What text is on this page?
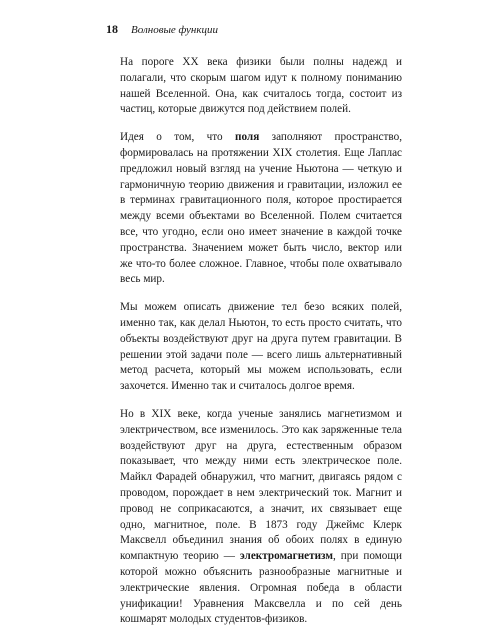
18 Волновые функции

На пороге XX века физики были полны надежд и полагали, что скорым шагом идут к полному пониманию нашей Вселенной. Она, как считалось тогда, состоит из частиц, которые движутся под действием полей.

Идея о том, что поля заполняют пространство, формировалась на протяжении XIX столетия. Еще Лаплас предложил новый взгляд на учение Ньютона — четкую и гармоничную теорию движения и гравитации, изложил ее в терминах гравитационного поля, которое простирается между всеми объектами во Вселенной. Полем считается все, что угодно, если оно имеет значение в каждой точке пространства. Значением может быть число, вектор или же что-то более сложное. Главное, чтобы поле охватывало весь мир.

Мы можем описать движение тел безо всяких полей, именно так, как делал Ньютон, то есть просто считать, что объекты воздействуют друг на друга путем гравитации. В решении этой задачи поле — всего лишь альтернативный метод расчета, который мы можем использовать, если захочется. Именно так и считалось долгое время.

Но в XIX веке, когда ученые занялись магнетизмом и электричеством, все изменилось. Это как заряженные тела воздействуют друг на друга, естественным образом показывает, что между ними есть электрическое поле. Майкл Фарадей обнаружил, что магнит, двигаясь рядом с проводом, порождает в нем электрический ток. Магнит и провод не соприкасаются, а значит, их связывает еще одно, магнитное, поле. В 1873 году Джеймс Клерк Максвелл объединил знания об обоих полях в единую компактную теорию — электромагнетизм, при помощи которой можно объяснить разнообразные магнитные и электрические явления. Огромная победа в области унификации! Уравнения Максвелла и по сей день кошмарят молодых студентов-физиков.
